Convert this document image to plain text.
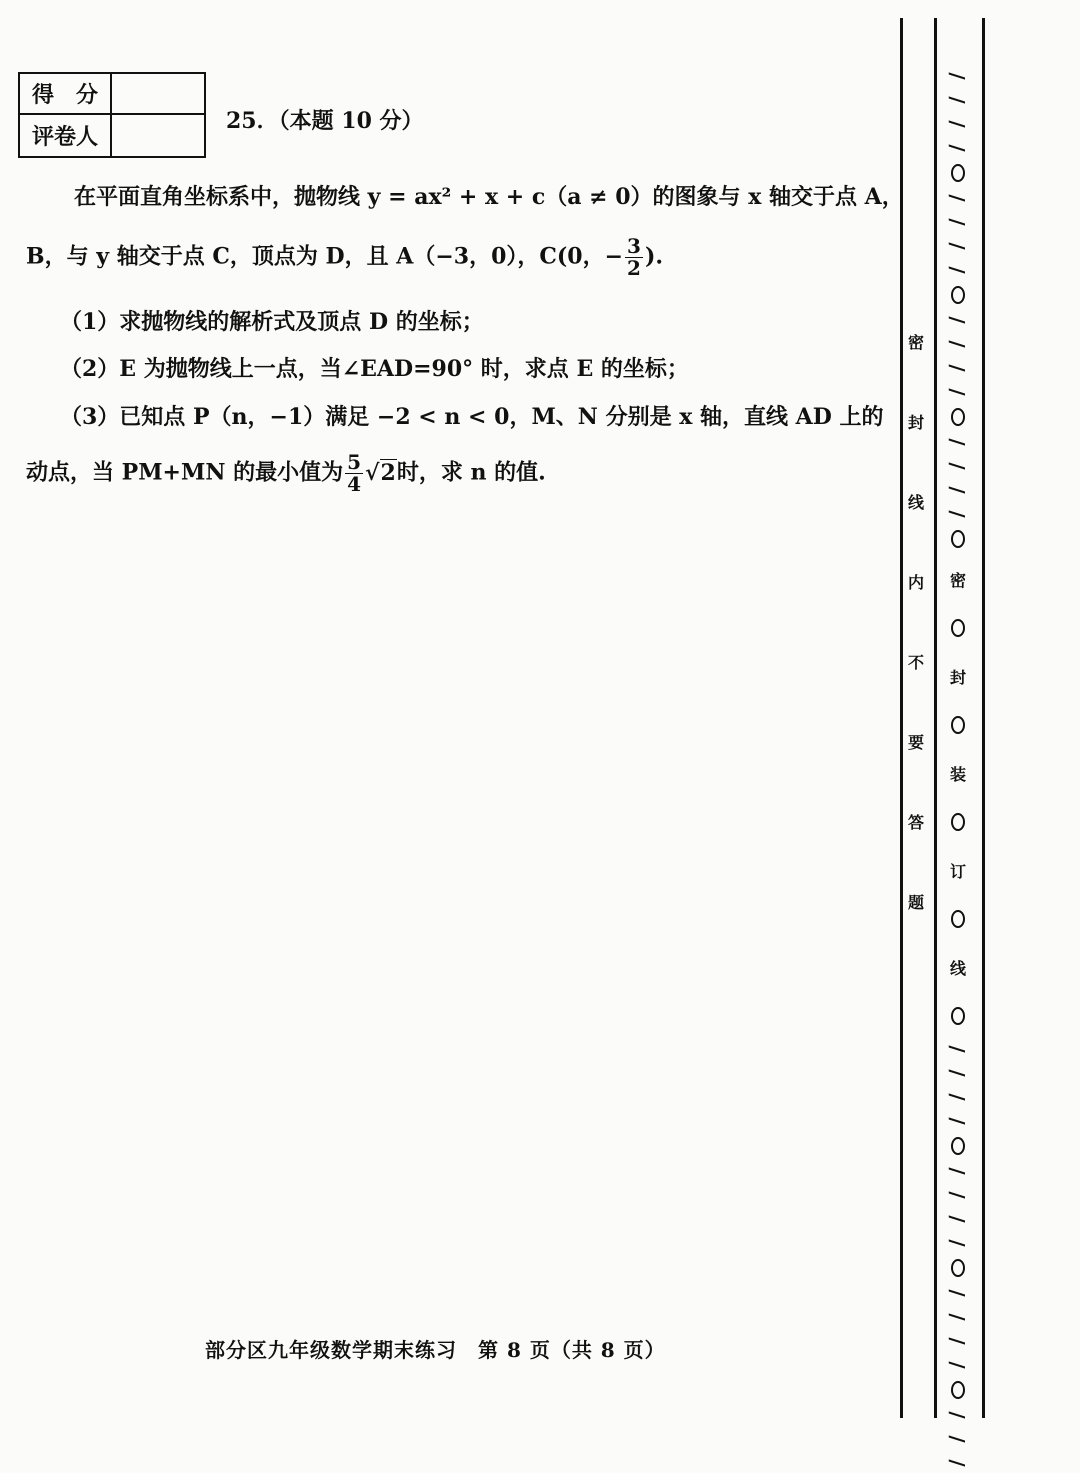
得　分
评卷人
25．（本题 10 分）
在平面直角坐标系中，抛物线 y = ax² + x + c（a ≠ 0）的图象与 x 轴交于点 A，
B，与 y 轴交于点 C，顶点为 D，且 A（−3，0），C(0，− $\frac{3}{2}$ ).
（1）求抛物线的解析式及顶点 D 的坐标；
（2）E 为抛物线上一点，当∠EAD=90° 时，求点 E 的坐标；
（3）已知点 P（n，−1）满足 −2 < n < 0，M、N 分别是 x 轴，直线 AD 上的
动点，当 PM+MN 的最小值为 $\frac{5}{4} √2$时，求 n 的值.
部分区九年级数学期末练习　第 8 页（共 8 页）
密
封
线
内
不
要
答
题
/
/
/
/
/
/
/
/
/
/
/
/
/
/
/
/
密
封
装
订
线
/
/
/
/
/
/
/
/
/
/
/
/
/
/
/
